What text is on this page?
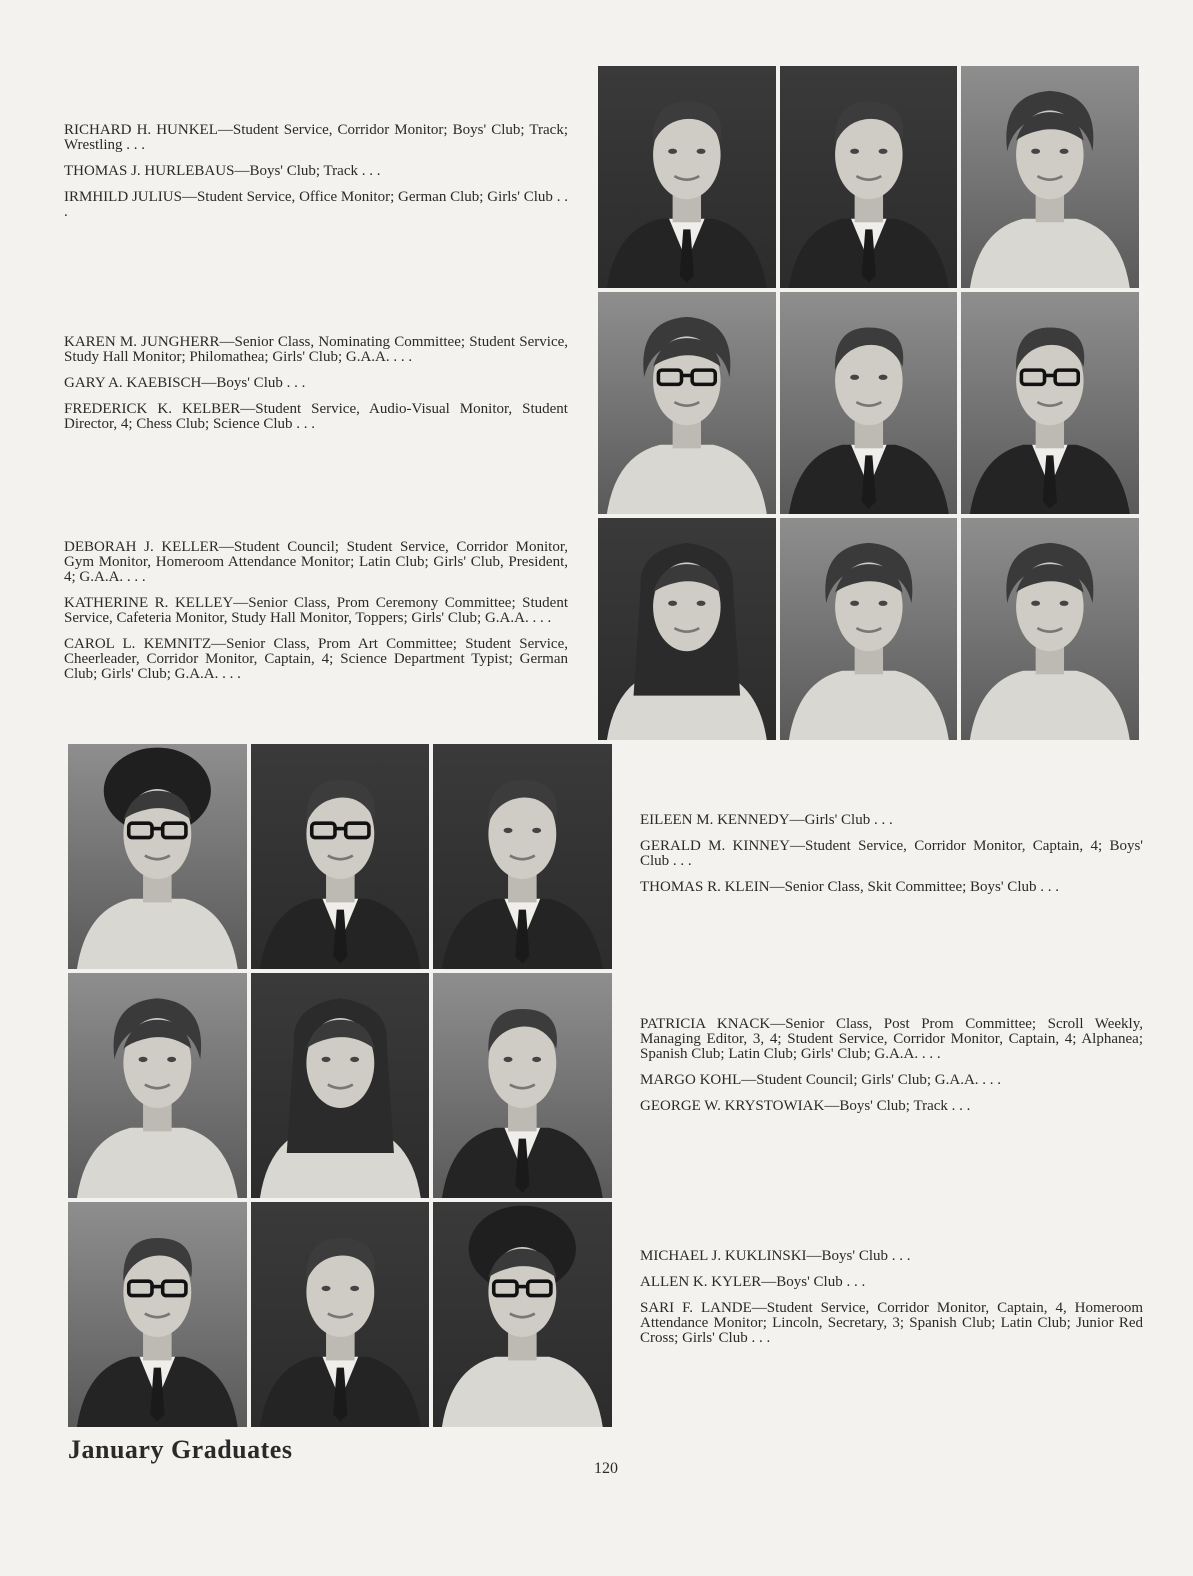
RICHARD H. HUNKEL—Student Service, Corridor Monitor; Boys' Club; Track; Wrestling . . .

THOMAS J. HURLEBAUS—Boys' Club; Track . . .

IRMHILD JULIUS—Student Service, Office Monitor; German Club; Girls' Club . . .

KAREN M. JUNGHERR—Senior Class, Nominating Committee; Student Service, Study Hall Monitor; Philomathea; Girls' Club; G.A.A. . . .

GARY A. KAEBISCH—Boys' Club . . .

FREDERICK K. KELBER—Student Service, Audio-Visual Monitor, Student Director, 4; Chess Club; Science Club . . .

DEBORAH J. KELLER—Student Council; Student Service, Corridor Monitor, Gym Monitor, Homeroom Attendance Monitor; Latin Club; Girls' Club, President, 4; G.A.A. . . .

KATHERINE R. KELLEY—Senior Class, Prom Ceremony Committee; Student Service, Cafeteria Monitor, Study Hall Monitor, Toppers; Girls' Club; G.A.A. . . .

CAROL L. KEMNITZ—Senior Class, Prom Art Committee; Student Service, Cheerleader, Corridor Monitor, Captain, 4; Science Department Typist; German Club; Girls' Club; G.A.A. . . .

EILEEN M. KENNEDY—Girls' Club . . .

GERALD M. KINNEY—Student Service, Corridor Monitor, Captain, 4; Boys' Club . . .

THOMAS R. KLEIN—Senior Class, Skit Committee; Boys' Club . . .

PATRICIA KNACK—Senior Class, Post Prom Committee; Scroll Weekly, Managing Editor, 3, 4; Student Service, Corridor Monitor, Captain, 4; Alphanea; Spanish Club; Latin Club; Girls' Club; G.A.A. . . .

MARGO KOHL—Student Council; Girls' Club; G.A.A. . . .

GEORGE W. KRYSTOWIAK—Boys' Club; Track . . .

MICHAEL J. KUKLINSKI—Boys' Club . . .

ALLEN K. KYLER—Boys' Club . . .

SARI F. LANDE—Student Service, Corridor Monitor, Captain, 4, Homeroom Attendance Monitor; Lincoln, Secretary, 3; Spanish Club; Latin Club; Junior Red Cross; Girls' Club . . .

January Graduates
120
